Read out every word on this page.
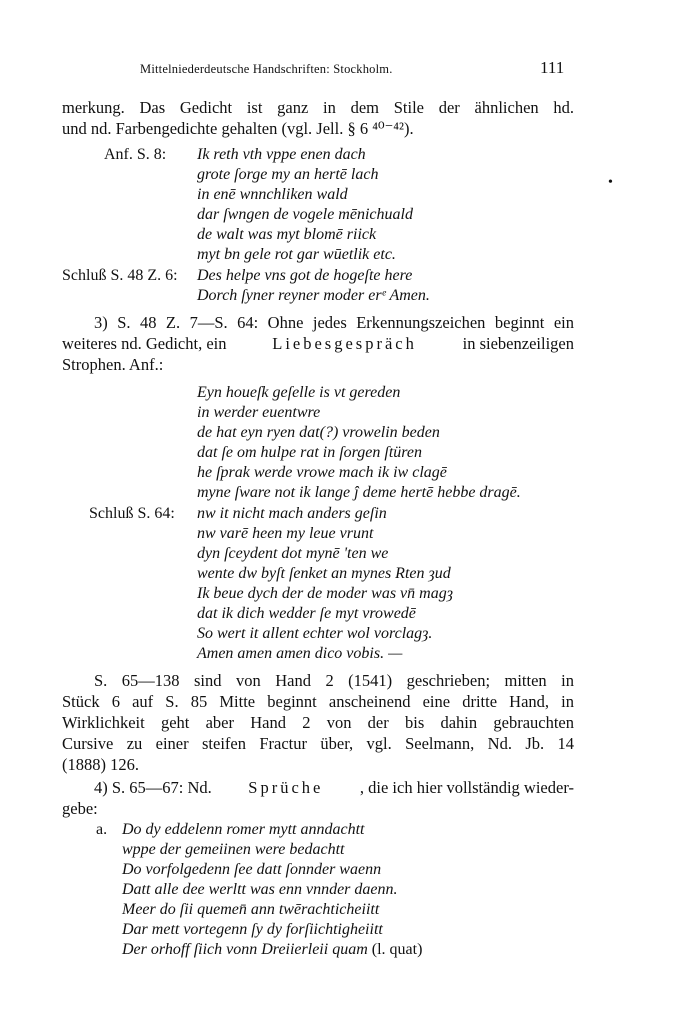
Mittelniederdeutsche Handschriften: Stockholm.	111
merkung. Das Gedicht ist ganz in dem Stile der ähnlichen hd.
und nd. Farbengedichte gehalten (vgl. Jell. § 6 ⁴⁰⁻⁴²).
Anf. S. 8: Ik reth vth vppe enen dach
grote ſorge my an hertē lach
in enē wnnchliken wald
dar ſwngen de vogele mēnichuald
de walt was myt blomē riick
myt bn gele rot gar wūetlik etc.
Schluß S. 48 Z. 6: Des helpe vns got de hogeſte here
Dorch ſyner reyner moder erᵉ Amen.
•
3) S. 48 Z. 7—S. 64: Ohne jedes Erkennungszeichen beginnt ein
weiteres nd. Gedicht, ein	Liebesgespräch	in siebenzeiligen
Strophen. Anf.:
Eyn houeſk geſelle is vt gereden
in werder euentwre
de hat eyn ryen dat(?) vrowelin beden
dat ſe om hulpe rat in ſorgen ſtüren
he ſprak werde vrowe mach ik iw clagē
myne ſware not ik lange ĵ deme hertē hebbe dragē.
Schluß S. 64: nw it nicht mach anders geſin
nw varē heen my leue vrunt
dyn ſceydent dot mynē 'ten we
wente dw byſt ſenket an mynes Rten ȝud
Ik beue dych der de moder was vn̄ magȝ
dat ik dich wedder ſe myt vrowedē
So wert it allent echter wol vorclagȝ.
Amen amen amen dico vobis. —
S. 65—138 sind von Hand 2 (1541) geschrieben; mitten in
Stück 6 auf S. 85 Mitte beginnt anscheinend eine dritte Hand, in
Wirklichkeit geht aber Hand 2 von der bis dahin gebrauchten
Cursive zu einer steifen Fractur über, vgl. Seelmann, Nd. Jb. 14
(1888) 126.
4) S. 65—67: Nd. Sprüche , die ich hier vollständig wieder-
gebe:
a. Do dy eddelenn romer mytt anndachtt
wppe der gemeiinen were bedachtt
Do vorfolgedenn ſee datt ſonnder waenn
Datt alle dee werltt was enn vnnder daenn.
Meer do ſii quemen̄ ann twērachticheiitt
Dar mett vortegenn ſy dy forſiichtigheiitt
Der orhoff ſiich vonn Dreiierleii quam (l. quat)
